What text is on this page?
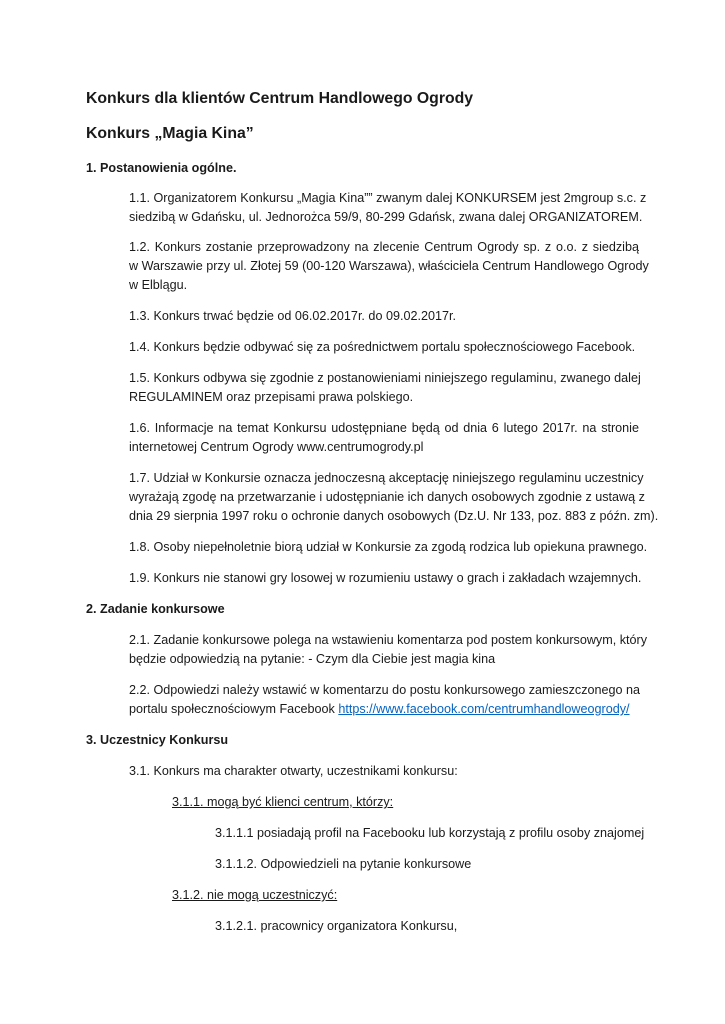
Konkurs dla klientów Centrum Handlowego Ogrody
Konkurs „Magia Kina”
1. Postanowienia ogólne.
1.1. Organizatorem Konkursu „Magia Kina”” zwanym dalej KONKURSEM jest 2mgroup s.c. z
siedzibą w Gdańsku, ul. Jednorożca 59/9, 80-299 Gdańsk, zwana dalej ORGANIZATOREM.
1.2. Konkurs zostanie przeprowadzony na zlecenie Centrum Ogrody sp. z o.o. z siedzibą
w Warszawie przy ul. Złotej 59 (00-120 Warszawa), właściciela Centrum Handlowego Ogrody
w Elblągu.
1.3. Konkurs trwać będzie od 06.02.2017r. do 09.02.2017r.
1.4. Konkurs będzie odbywać się za pośrednictwem portalu społecznościowego Facebook.
1.5. Konkurs odbywa się zgodnie z postanowieniami niniejszego regulaminu, zwanego dalej
REGULAMINEM oraz przepisami prawa polskiego.
1.6. Informacje na temat Konkursu udostępniane będą od dnia 6 lutego 2017r. na stronie
internetowej Centrum Ogrody www.centrumogrody.pl
1.7. Udział w Konkursie oznacza jednoczesną akceptację niniejszego regulaminu uczestnicy
wyrażają zgodę na przetwarzanie i udostępnianie ich danych osobowych zgodnie z ustawą z
dnia 29 sierpnia 1997 roku o ochronie danych osobowych (Dz.U. Nr 133, poz. 883 z późn. zm).
1.8. Osoby niepełnoletnie biorą udział w Konkursie za zgodą rodzica lub opiekuna prawnego.
1.9. Konkurs nie stanowi gry losowej w rozumieniu ustawy o grach i zakładach wzajemnych.
2. Zadanie konkursowe
2.1. Zadanie konkursowe polega na wstawieniu komentarza pod postem konkursowym, który
będzie odpowiedzią na pytanie: - Czym dla Ciebie jest magia kina
2.2. Odpowiedzi należy wstawić w komentarzu do postu konkursowego zamieszczonego na
portalu społecznościowym Facebook https://www.facebook.com/centrumhandloweogrody/
3. Uczestnicy Konkursu
3.1. Konkurs ma charakter otwarty, uczestnikami konkursu:
3.1.1. mogą być klienci centrum, którzy:
3.1.1.1 posiadają profil na Facebooku lub korzystają z profilu osoby znajomej
3.1.1.2. Odpowiedzieli na pytanie konkursowe
3.1.2. nie mogą uczestniczyć:
3.1.2.1. pracownicy organizatora Konkursu,
